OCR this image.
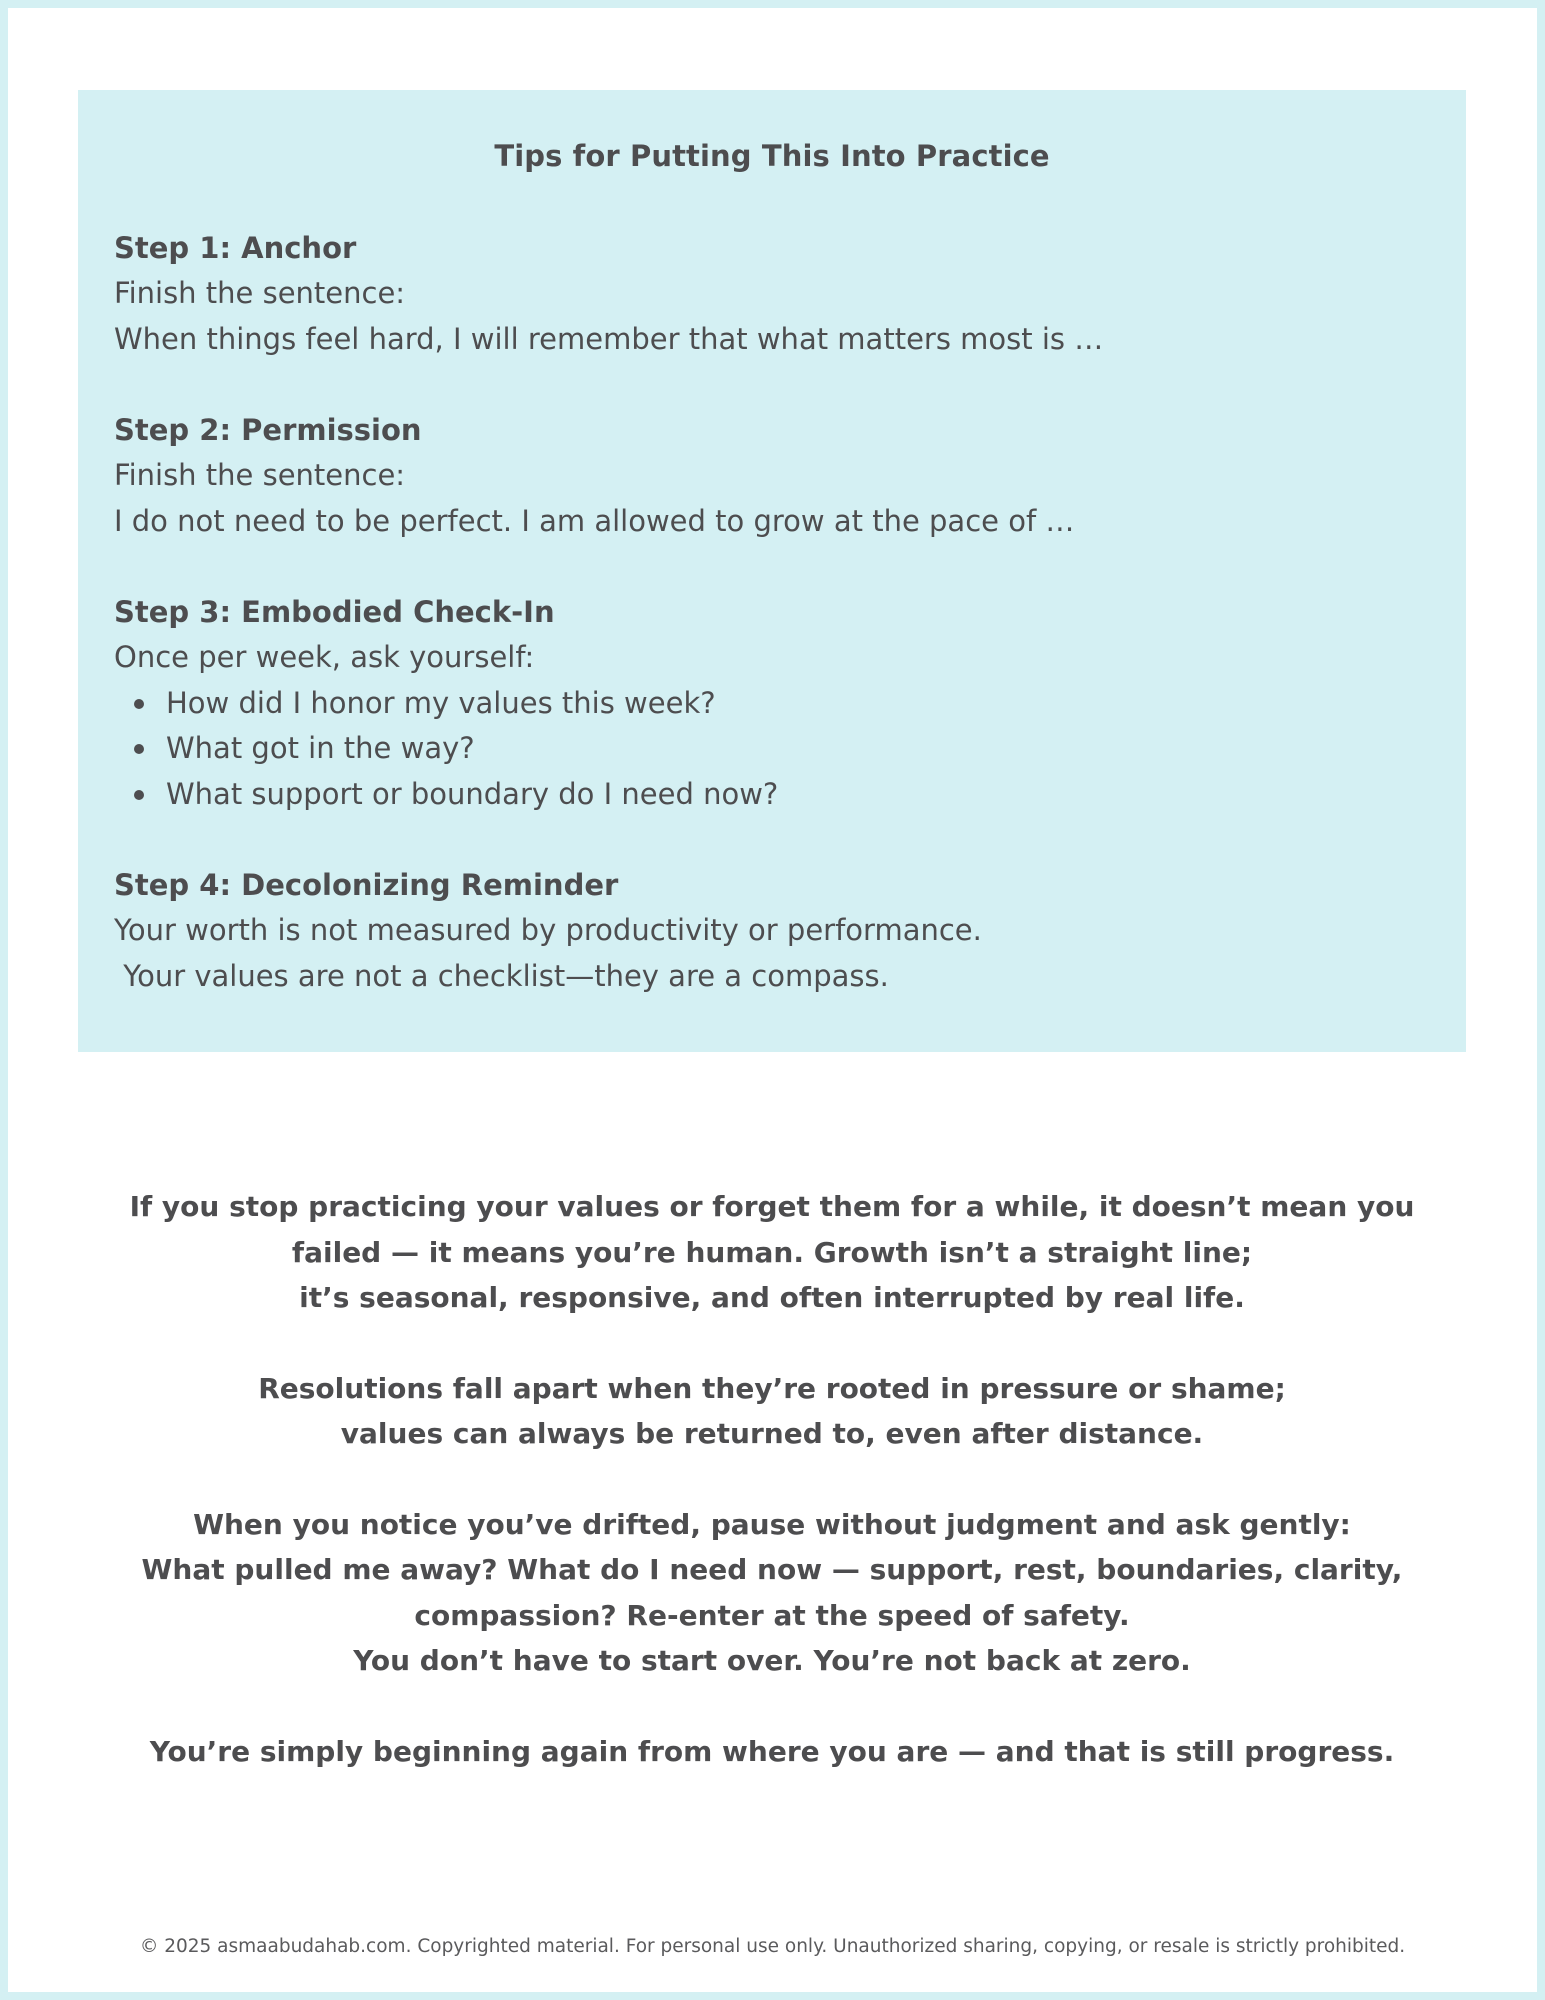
Tips for Putting This Into Practice

Step 1: Anchor

Finish the sentence:

When things feel hard, I will remember that what matters most is …

Step 2: Permission

Finish the sentence:

I do not need to be perfect. I am allowed to grow at the pace of …

Step 3: Embodied Check-In

Once per week, ask yourself:

How did I honor my values this week?
What got in the way?
What support or boundary do I need now?

Step 4: Decolonizing Reminder

Your worth is not measured by productivity or performance.

Your values are not a checklist—they are a compass.

If you stop practicing your values or forget them for a while, it doesn’t mean you
failed — it means you’re human. Growth isn’t a straight line;
it’s seasonal, responsive, and often interrupted by real life.
Resolutions fall apart when they’re rooted in pressure or shame;
values can always be returned to, even after distance.
When you notice you’ve drifted, pause without judgment and ask gently:
What pulled me away? What do I need now — support, rest, boundaries, clarity,
compassion? Re-enter at the speed of safety.
You don’t have to start over. You’re not back at zero.
You’re simply beginning again from where you are — and that is still progress.
© 2025 asmaabudahab.com. Copyrighted material. For personal use only. Unauthorized sharing, copying, or resale is strictly prohibited.
